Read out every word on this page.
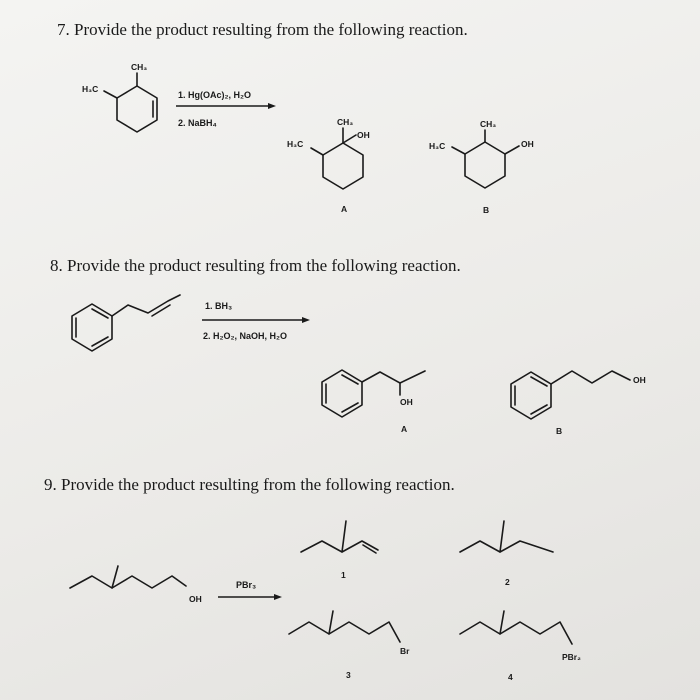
7. Provide the product resulting from the following reaction.
8. Provide the product resulting from the following reaction.
9. Provide the product resulting from the following reaction.
CH₃
H₃C
1. Hg(OAc)₂, H₂O
2. NaBH₄	CH₃
OH
H₃C
A
CH₃
OH
H₃C
B
1. BH₃
2. H₂O₂, NaOH, H₂O
OH
A
OH
B
OH
PBr₃
1
2
Br
3
PBr₂
4
